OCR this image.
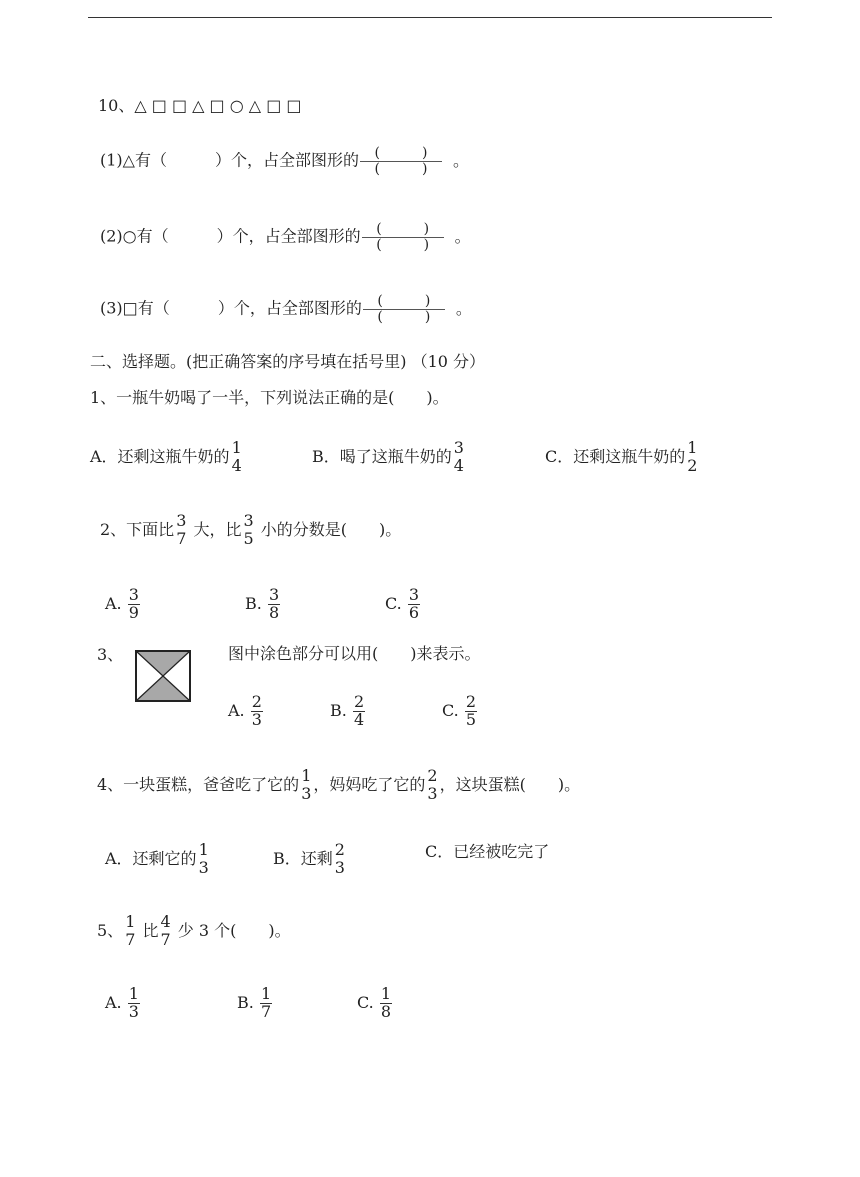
10、△ □ □ △ □ ○ △ □ □
(1)△有（　　　	）个，占全部图形的 $\frac{( )}{( )}$ 。
(2)○有（　　　	）个，占全部图形的 $\frac{( )}{( )}$ 。
(3)□有（　　　	）个，占全部图形的 $\frac{( )}{( )}$ 。
二、选择题。(把正确答案的序号填在括号里) （10 分）
1、一瓶牛奶喝了一半，下列说法正确的是(　　)。
A．还剩这瓶牛奶的 1
4	B．喝了这瓶牛奶的 3
4	C．还剩这瓶牛奶的 1
2
2、下面比 3
7 大，比 3
5 小的分数是(　　)。
A. $\frac{3}{9}$	B. $\frac{3}{8}$	C. $\frac{3}{6}$
3、	图中涂色部分可以用(　　)来表示。
A. $\frac{2}{3}$	B. $\frac{2}{4}$	C. $\frac{2}{5}$
4、一块蛋糕，爸爸吃了它的 1
3 ，妈妈吃了它的 2
3 ，这块蛋糕(　　)。
A．还剩它的 1
3	B．还剩 2
3
C．已经被吃完了
5、 1
7 比 4
7 少 3 个(　　)。
A. $\frac{1}{3}$	B. $\frac{1}{7}$	C. $\frac{1}{8}$
